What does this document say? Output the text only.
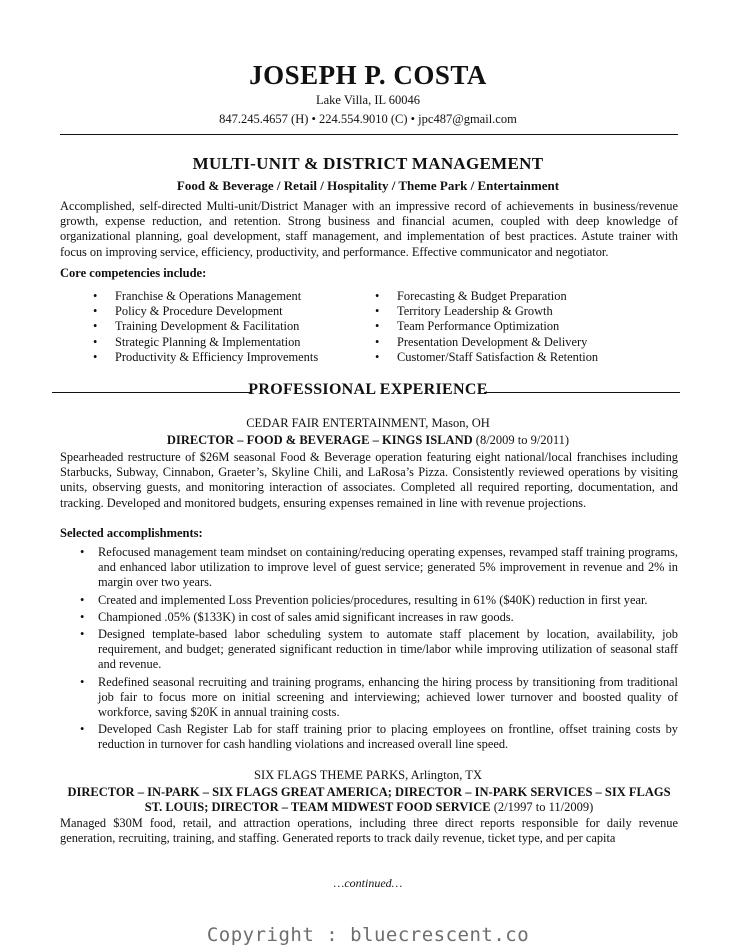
JOSEPH P. COSTA
Lake Villa, IL 60046
847.245.4657 (H) • 224.554.9010 (C) • jpc487@gmail.com
MULTI-UNIT & DISTRICT MANAGEMENT
Food & Beverage / Retail / Hospitality / Theme Park / Entertainment

Accomplished, self-directed Multi-unit/District Manager with an impressive record of achievements in business/revenue growth, expense reduction, and retention. Strong business and financial acumen, coupled with deep knowledge of organizational planning, goal development, staff management, and implementation of best practices. Astute trainer with focus on improving service, efficiency, productivity, and performance. Effective communicator and negotiator.

Core competencies include:
• Franchise & Operations Management
• Policy & Procedure Development
• Training Development & Facilitation
• Strategic Planning & Implementation
• Productivity & Efficiency Improvements
• Forecasting & Budget Preparation
• Territory Leadership & Growth
• Team Performance Optimization
• Presentation Development & Delivery
• Customer/Staff Satisfaction & Retention
PROFESSIONAL EXPERIENCE
CEDAR FAIR ENTERTAINMENT, Mason, OH
DIRECTOR – FOOD & BEVERAGE – KINGS ISLAND (8/2009 to 9/2011)

Spearheaded restructure of $26M seasonal Food & Beverage operation featuring eight national/local franchises including Starbucks, Subway, Cinnabon, Graeter’s, Skyline Chili, and LaRosa’s Pizza. Consistently reviewed operations by visiting units, observing guests, and monitoring interaction of associates. Completed all required reporting, documentation, and tracking. Developed and monitored budgets, ensuring expenses remained in line with revenue projections.

Selected accomplishments:
• Refocused management team mindset on containing/reducing operating expenses, revamped staff training programs, and enhanced labor utilization to improve level of guest service; generated 5% improvement in revenue and 2% in margin over two years.
• Created and implemented Loss Prevention policies/procedures, resulting in 61% ($40K) reduction in first year.
• Championed .05% ($133K) in cost of sales amid significant increases in raw goods.
• Designed template-based labor scheduling system to automate staff placement by location, availability, job requirement, and budget; generated significant reduction in time/labor while improving utilization of seasonal staff and revenue.
• Redefined seasonal recruiting and training programs, enhancing the hiring process by transitioning from traditional job fair to focus more on initial screening and interviewing; achieved lower turnover and boosted quality of workforce, saving $20K in annual training costs.
• Developed Cash Register Lab for staff training prior to placing employees on frontline, offset training costs by reduction in turnover for cash handling violations and increased overall line speed.
SIX FLAGS THEME PARKS, Arlington, TX
DIRECTOR – IN-PARK – SIX FLAGS GREAT AMERICA; DIRECTOR – IN-PARK SERVICES – SIX FLAGS ST. LOUIS; DIRECTOR – TEAM MIDWEST FOOD SERVICE (2/1997 to 11/2009)

Managed $30M food, retail, and attraction operations, including three direct reports responsible for daily revenue generation, recruiting, training, and staffing. Generated reports to track daily revenue, ticket type, and per capita

…continued…
Copyright : bluecrescent.co
